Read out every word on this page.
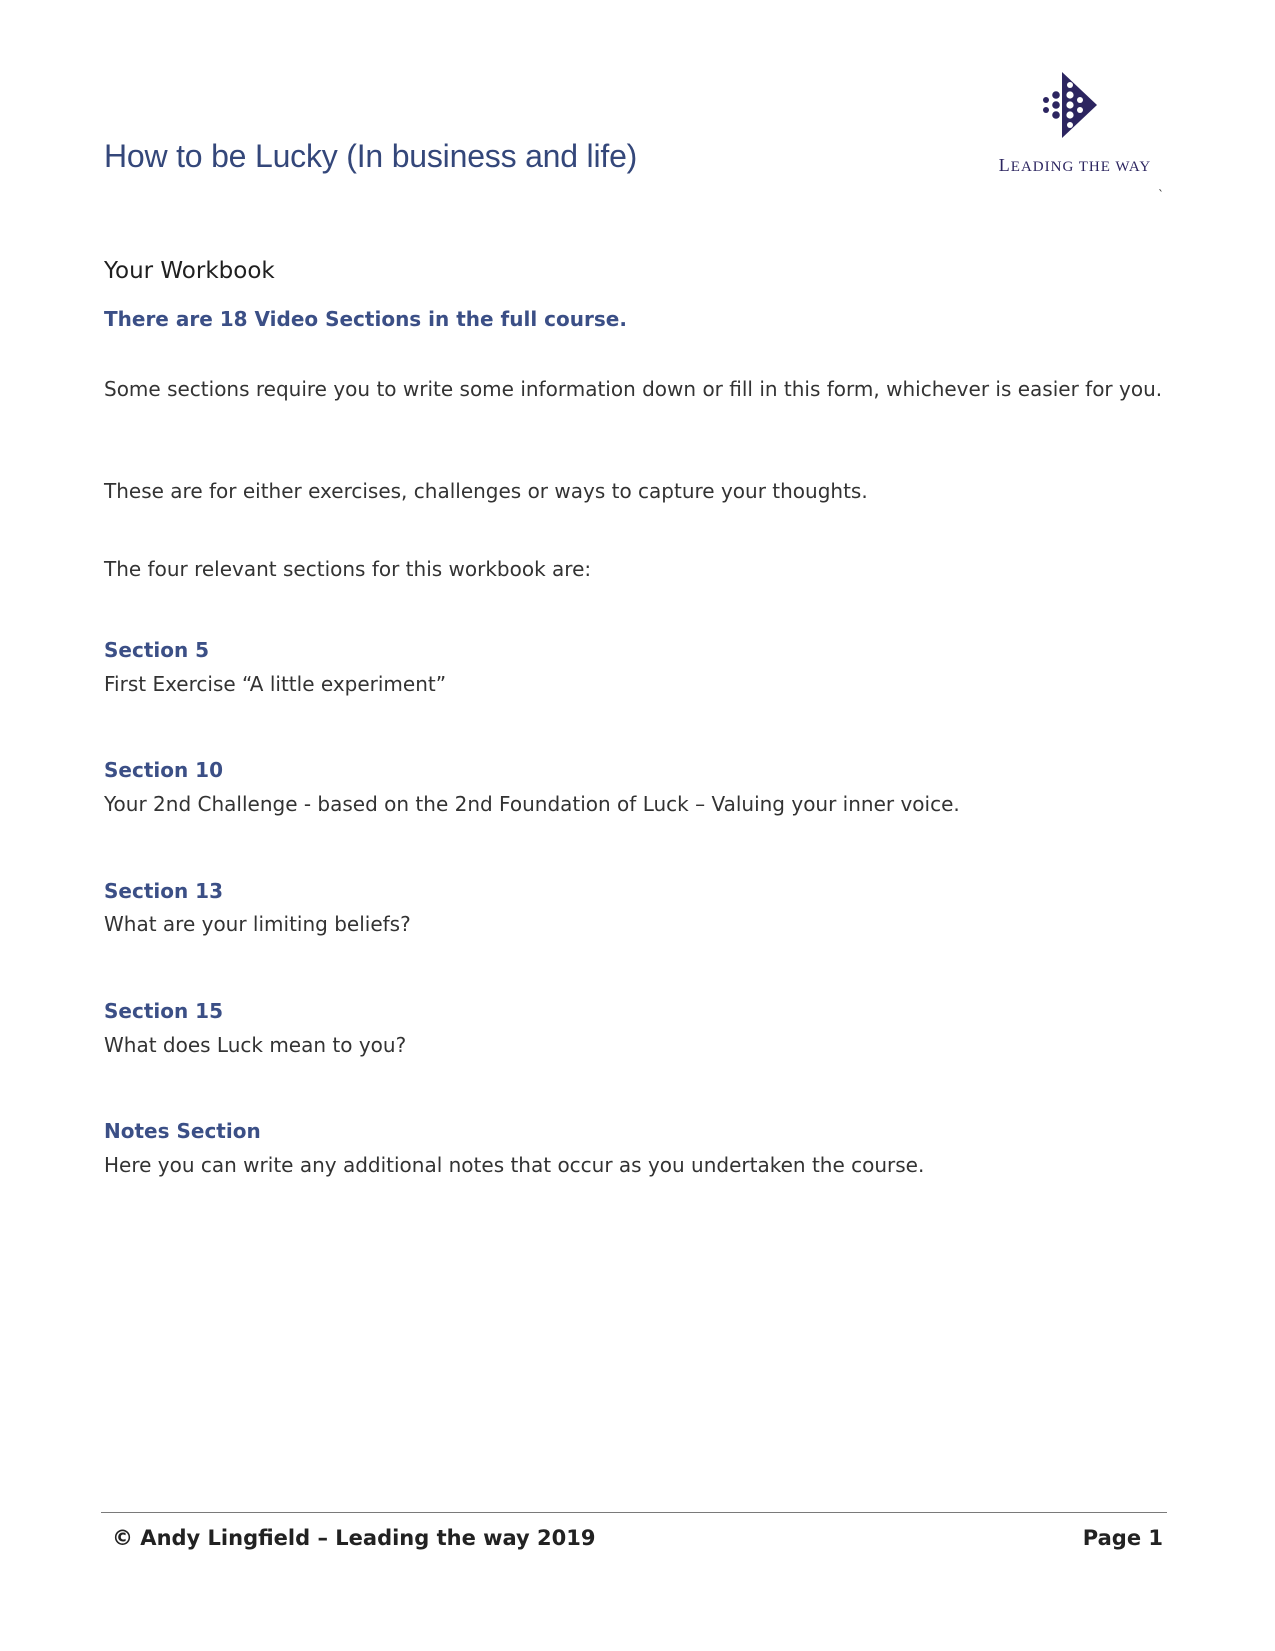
How to be Lucky (In business and life)	LEADING THE WAY
`
Your Workbook

There are 18 Video Sections in the full course.

Some sections require you to write some information down or fill in this form, whichever is easier for you.

These are for either exercises, challenges or ways to capture your thoughts.

The four relevant sections for this workbook are:

Section 5

First Exercise “A little experiment”

Section 10

Your 2nd Challenge - based on the 2nd Foundation of Luck – Valuing your inner voice.

Section 13

What are your limiting beliefs?

Section 15

What does Luck mean to you?

Notes Section

Here you can write any additional notes that occur as you undertaken the course.

© Andy Lingfield – Leading the way 2019	Page 1
